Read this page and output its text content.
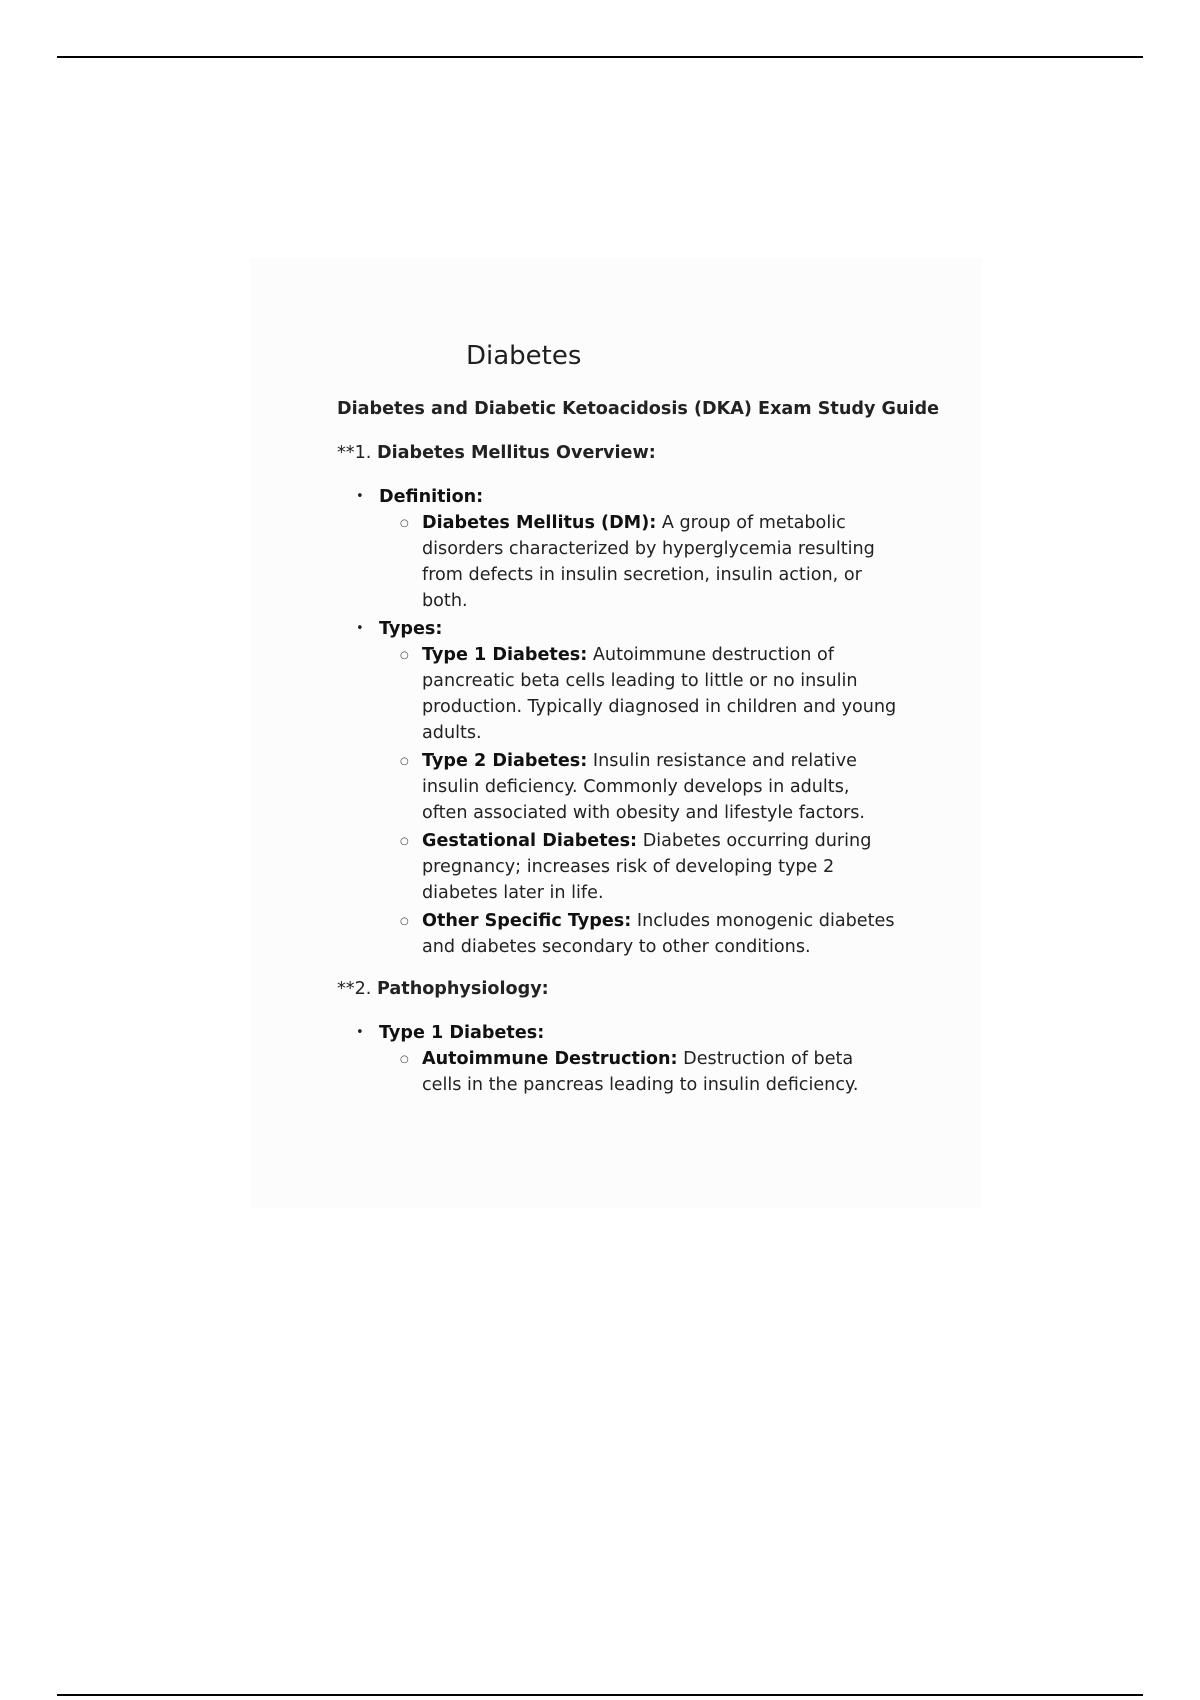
Diabetes
Diabetes and Diabetic Ketoacidosis (DKA) Exam Study Guide
**1. Diabetes Mellitus Overview:
• Definition:
○ Diabetes Mellitus (DM): A group of metabolic disorders characterized by hyperglycemia resulting from defects in insulin secretion, insulin action, or both.
• Types:
○ Type 1 Diabetes: Autoimmune destruction of pancreatic beta cells leading to little or no insulin production. Typically diagnosed in children and young adults.
○ Type 2 Diabetes: Insulin resistance and relative insulin deficiency. Commonly develops in adults, often associated with obesity and lifestyle factors.
○ Gestational Diabetes: Diabetes occurring during pregnancy; increases risk of developing type 2 diabetes later in life.
○ Other Specific Types: Includes monogenic diabetes and diabetes secondary to other conditions.
**2. Pathophysiology:
• Type 1 Diabetes:
○ Autoimmune Destruction: Destruction of beta cells in the pancreas leading to insulin deficiency.
